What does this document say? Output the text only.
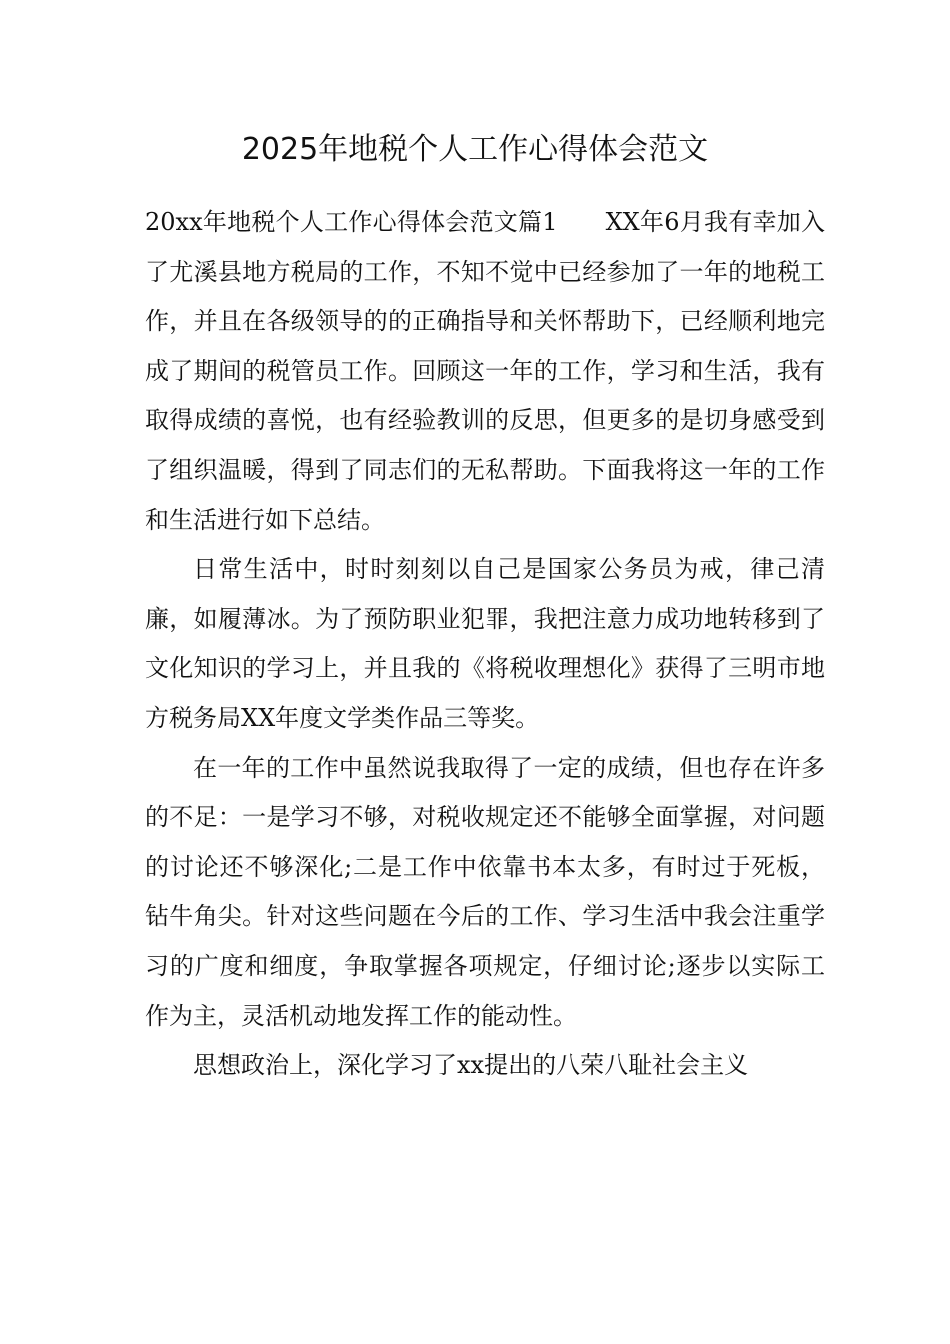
2025年地税个人工作心得体会范文

20xx年地税个人工作心得体会范文篇1 XX年6月我有幸加入了尤溪县地方税局的工作，不知不觉中已经参加了一年的地税工作，并且在各级领导的的正确指导和关怀帮助下，已经顺利地完成了期间的税管员工作。回顾这一年的工作，学习和生活，我有取得成绩的喜悦，也有经验教训的反思，但更多的是切身感受到了组织温暖，得到了同志们的无私帮助。下面我将这一年的工作和生活进行如下总结。

日常生活中，时时刻刻以自己是国家公务员为戒，律己清廉，如履薄冰。为了预防职业犯罪，我把注意力成功地转移到了文化知识的学习上，并且我的《将税收理想化》获得了三明市地方税务局XX年度文学类作品三等奖。

在一年的工作中虽然说我取得了一定的成绩，但也存在许多的不足：一是学习不够，对税收规定还不能够全面掌握，对问题的讨论还不够深化;二是工作中依靠书本太多，有时过于死板，钻牛角尖。针对这些问题在今后的工作、学习生活中我会注重学习的广度和细度，争取掌握各项规定，仔细讨论;逐步以实际工作为主，灵活机动地发挥工作的能动性。

思想政治上，深化学习了xx提出的八荣八耻社会主义
